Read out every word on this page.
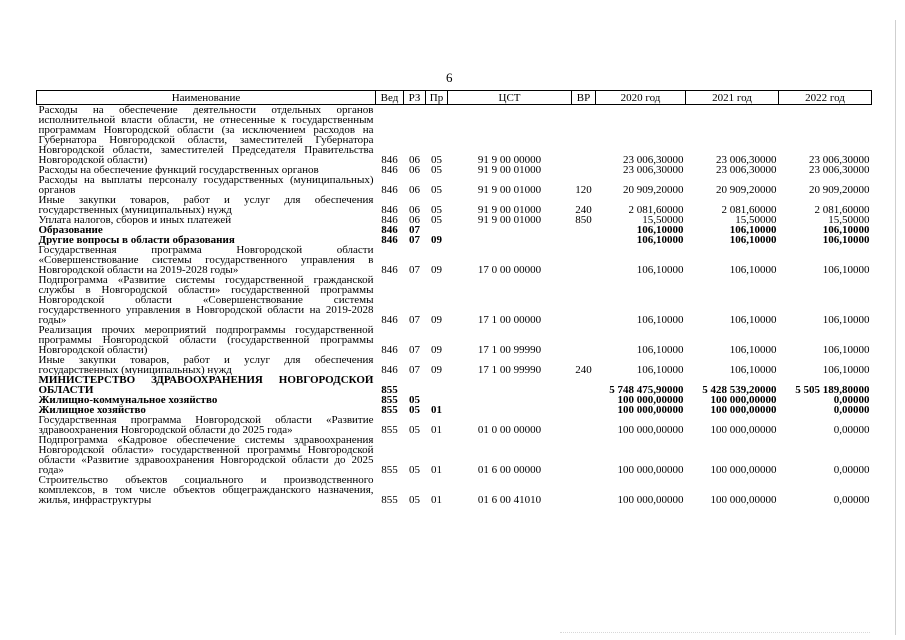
6
Наименование	Вед	РЗ	Пр	ЦСТ	ВР	2020 год	2021 год	2022 год
Расходы на обеспечение деятельности отдельных органов исполнительной власти области, не отнесенные к государственным программам Новгородской области (за исключением расходов на Губернатора Новгородской области, заместителей Губернатора Новгородской области, заместителей Председателя Правительства Новгородской области)	846	06	05	91 9 00 00000		23 006,30000	23 006,30000	23 006,30000
Расходы на обеспечение функций государственных органов	846	06	05	91 9 00 01000		23 006,30000	23 006,30000	23 006,30000
Расходы на выплаты персоналу государственных (муниципальных) органов	846	06	05	91 9 00 01000	120	20 909,20000	20 909,20000	20 909,20000
Иные закупки товаров, работ и услуг для обеспечения государственных (муниципальных) нужд	846	06	05	91 9 00 01000	240	2 081,60000	2 081,60000	2 081,60000
Уплата налогов, сборов и иных платежей	846	06	05	91 9 00 01000	850	15,50000	15,50000	15,50000
Образование	846	07				106,10000	106,10000	106,10000
Другие вопросы в области образования	846	07	09			106,10000	106,10000	106,10000
Государственная программа Новгородской области «Совершенствование системы государственного управления в Новгородской области на 2019-2028 годы»	846	07	09	17 0 00 00000		106,10000	106,10000	106,10000
Подпрограмма «Развитие системы государственной гражданской службы в Новгородской области» государственной программы Новгородской области «Совершенствование системы государственного управления в Новгородской области на 2019-2028 годы»	846	07	09	17 1 00 00000		106,10000	106,10000	106,10000
Реализация прочих мероприятий подпрограммы государственной программы Новгородской области (государственной программы Новгородской области)	846	07	09	17 1 00 99990		106,10000	106,10000	106,10000
Иные закупки товаров, работ и услуг для обеспечения государственных (муниципальных) нужд	846	07	09	17 1 00 99990	240	106,10000	106,10000	106,10000
МИНИСТЕРСТВО ЗДРАВООХРАНЕНИЯ НОВГОРОДСКОЙ ОБЛАСТИ	855					5 748 475,90000	5 428 539,20000	5 505 189,80000
Жилищно-коммунальное хозяйство	855	05				100 000,00000	100 000,00000	0,00000
Жилищное хозяйство	855	05	01			100 000,00000	100 000,00000	0,00000
Государственная программа Новгородской области «Развитие здравоохранения Новгородской области до 2025 года»	855	05	01	01 0 00 00000		100 000,00000	100 000,00000	0,00000
Подпрограмма «Кадровое обеспечение системы здравоохранения Новгородской области» государственной программы Новгородской области «Развитие здравоохранения Новгородской области до 2025 года»	855	05	01	01 6 00 00000		100 000,00000	100 000,00000	0,00000
Строительство объектов социального и производственного комплексов, в том числе объектов общегражданского назначения, жилья, инфраструктуры	855	05	01	01 6 00 41010		100 000,00000	100 000,00000	0,00000
